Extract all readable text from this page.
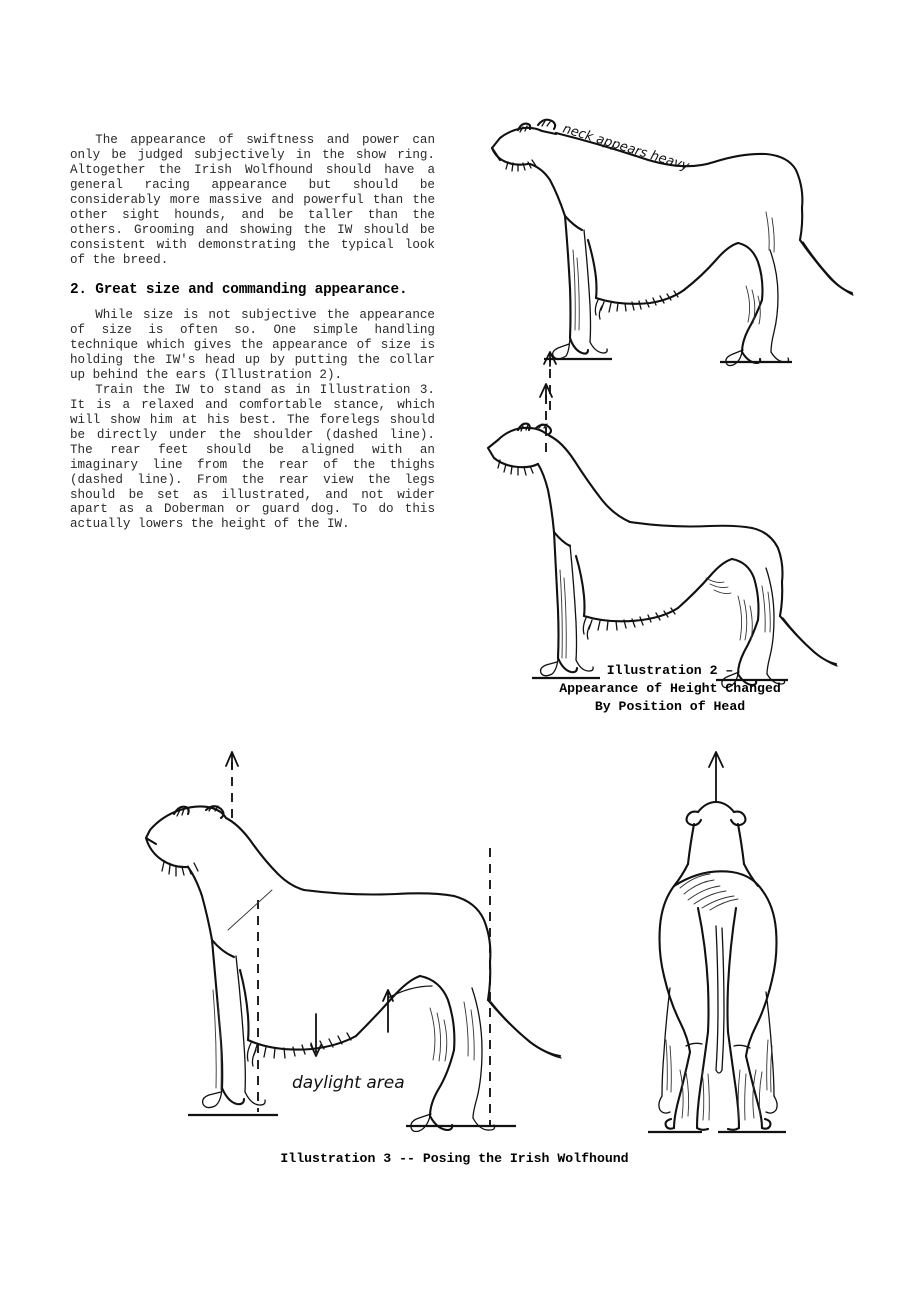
The appearance of swiftness and power can only be judged subjectively in the show ring. Altogether the Irish Wolfhound should have a general racing appearance but should be considerably more massive and powerful than the other sight hounds, and be taller than the others. Grooming and showing the IW should be consistent with demonstrating the typical look of the breed.

2. Great size and commanding appearance.

While size is not subjective the appearance of size is often so. One simple handling technique which gives the appearance of size is holding the IW's head up by putting the collar up behind the ears (Illustration 2).

Train the IW to stand as in Illustration 3. It is a relaxed and comfortable stance, which will show him at his best. The forelegs should be directly under the shoulder (dashed line). The rear feet should be aligned with an imaginary line from the rear of the thighs (dashed line). From the rear view the legs should be set as illustrated, and not wider apart as a Doberman or guard dog. To do this actually lowers the height of the IW.

neck appears heavy
Illustration 2 –
Appearance of Height Changed
By Position of Head
daylight area
Illustration 3 -- Posing the Irish Wolfhound
